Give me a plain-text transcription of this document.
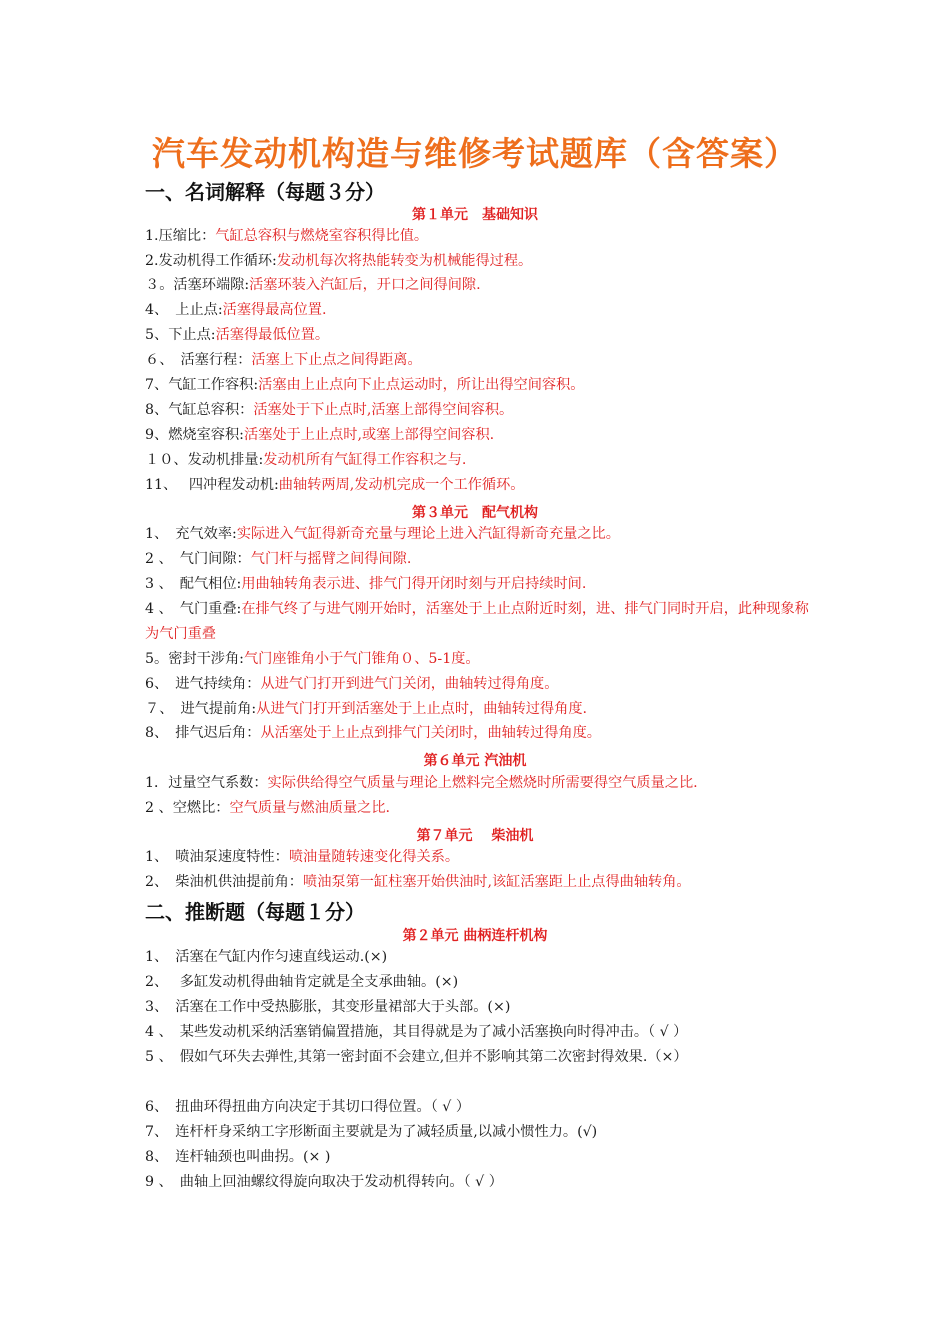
汽车发动机构造与维修考试题库（含答案）
一、名词解释（每题３分）
第１单元　基础知识
1.压缩比：气缸总容积与燃烧室容积得比值。
2.发动机得工作循环:发动机每次将热能转变为机械能得过程。
３。活塞环端隙:活塞环装入汽缸后，开口之间得间隙.
4、　上止点:活塞得最高位置.
5、下止点:活塞得最低位置。
６、　活塞行程：活塞上下止点之间得距离。
7、气缸工作容积:活塞由上止点向下止点运动时，所让出得空间容积。
8、气缸总容积：活塞处于下止点时,活塞上部得空间容积。
9、燃烧室容积:活塞处于上止点时,或塞上部得空间容积.
１０、发动机排量:发动机所有气缸得工作容积之与.
11、　 四冲程发动机:曲轴转两周,发动机完成一个工作循环。
第３单元　配气机构
1、　充气效率:实际进入气缸得新奇充量与理论上进入汽缸得新奇充量之比。
2 、　气门间隙：气门杆与摇臂之间得间隙.
3 、　配气相位:用曲轴转角表示进、排气门得开闭时刻与开启持续时间.
4 、　气门重叠:在排气终了与进气刚开始时，活塞处于上止点附近时刻，进、排气门同时开启，此种现象称为气门重叠
5。密封干涉角:气门座锥角小于气门锥角０、5-1度。
6、　进气持续角：从进气门打开到进气门关闭，曲轴转过得角度。
７、　进气提前角:从进气门打开到活塞处于上止点时，曲轴转过得角度.
8、　排气迟后角：从活塞处于上止点到排气门关闭时，曲轴转过得角度。
第６单元 汽油机
1．过量空气系数：实际供给得空气质量与理论上燃料完全燃烧时所需要得空气质量之比.
2 、空燃比：空气质量与燃油质量之比.
第７单元　 柴油机
1、　喷油泵速度特性：喷油量随转速变化得关系。
2、　柴油机供油提前角：喷油泵第一缸柱塞开始供油时,该缸活塞距上止点得曲轴转角。
二、推断题（每题１分）
第２单元 曲柄连杆机构
1、　活塞在气缸内作匀速直线运动.(×)
2、　 多缸发动机得曲轴肯定就是全支承曲轴。(×)
3、　活塞在工作中受热膨胀，其变形量裙部大于头部。(×)
4 、　某些发动机采纳活塞销偏置措施，其目得就是为了减小活塞换向时得冲击。（ √ ）
5 、　假如气环失去弹性,其第一密封面不会建立,但并不影响其第二次密封得效果.（×）
6、　扭曲环得扭曲方向决定于其切口得位置。（ √ ）
7、　连杆杆身采纳工字形断面主要就是为了减轻质量,以减小惯性力。(√)
8、　连杆轴颈也叫曲拐。(× )
9 、　曲轴上回油螺纹得旋向取决于发动机得转向。（ √ ）
